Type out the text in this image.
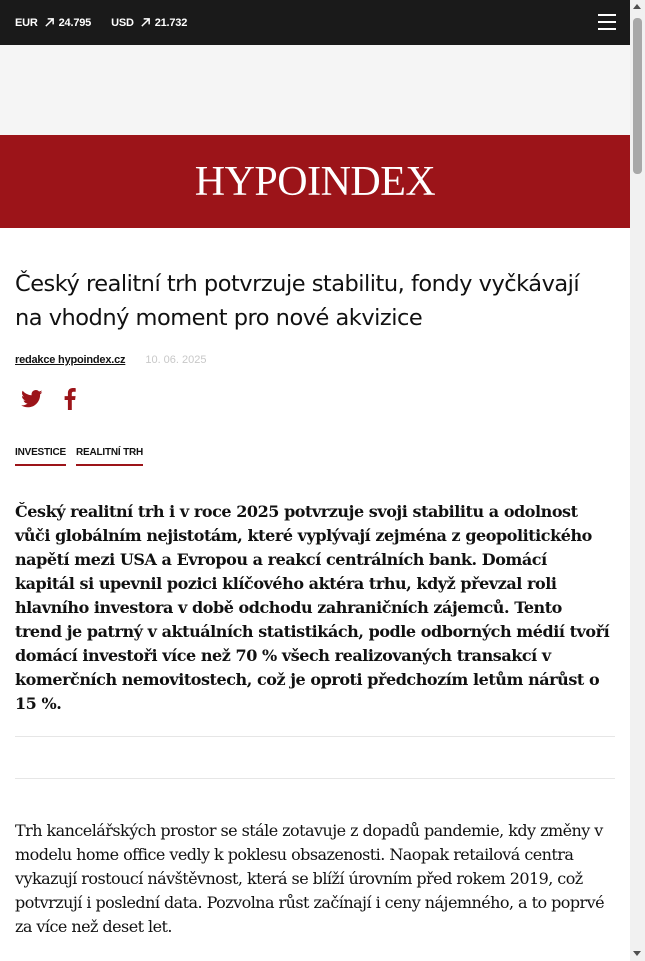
EUR 24.795 USD 21.732
HYPOINDEX
Český realitní trh potvrzuje stabilitu, fondy vyčkávají na vhodný moment pro nové akvizice
redakce hypoindex.cz 10. 06. 2025
INVESTICE REALITNÍ TRH

Český realitní trh i v roce 2025 potvrzuje svoji stabilitu a odolnost vůči globálním nejistotám, které vyplývají zejména z geopolitického napětí mezi USA a Evropou a reakcí centrálních bank. Domácí kapitál si upevnil pozici klíčového aktéra trhu, když převzal roli hlavního investora v době odchodu zahraničních zájemců. Tento trend je patrný v aktuálních statistikách, podle odborných médií tvoří domácí investoři více než 70 % všech realizovaných transakcí v komerčních nemovitostech, což je oproti předchozím letům nárůst o 15 %.

Trh kancelářských prostor se stále zotavuje z dopadů pandemie, kdy změny v modelu home office vedly k poklesu obsazenosti. Naopak retailová centra vykazují rostoucí návštěvnost, která se blíží úrovním před rokem 2019, což potvrzují i poslední data. Pozvolna růst začínají i ceny nájemného, a to poprvé za více než deset let.
